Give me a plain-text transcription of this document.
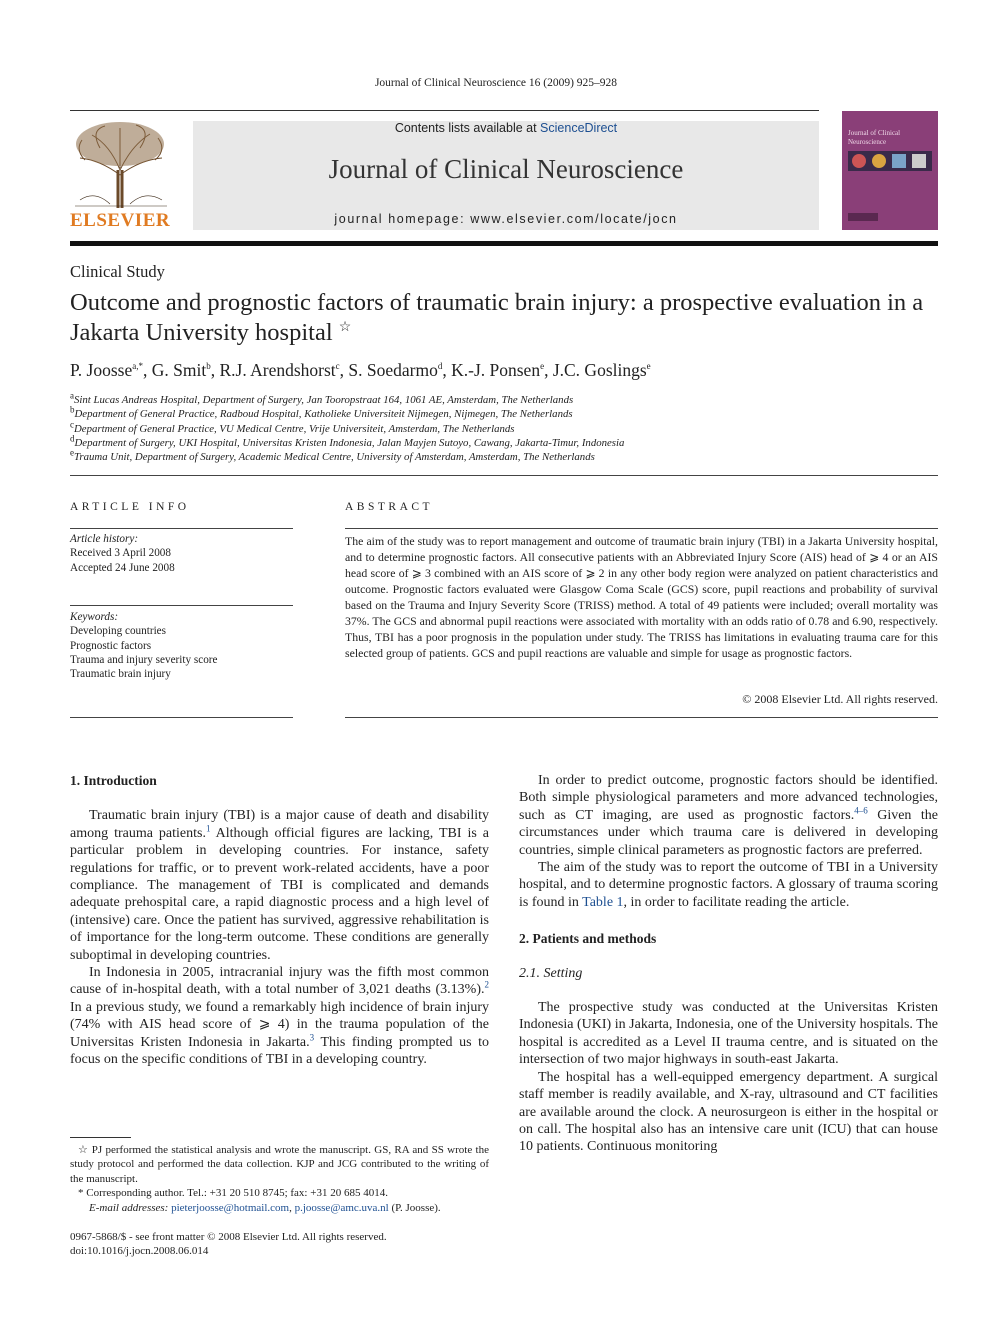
Journal of Clinical Neuroscience 16 (2009) 925–928
ELSEVIER
Contents lists available at ScienceDirect
Journal of Clinical Neuroscience
journal homepage: www.elsevier.com/locate/jocn
Journal of Clinical Neuroscience
Clinical Study
Outcome and prognostic factors of traumatic brain injury: a prospective evaluation in a Jakarta University hospital ☆
P. Joosse$^{a,*}$, G. Smit$^b$, R.J. Arendshorst$^c$, S. Soedarmo$^d$, K.-J. Ponsen$^e$, J.C. Goslings$^e$
$^a$Sint Lucas Andreas Hospital, Department of Surgery, Jan Tooropstraat 164, 1061 AE, Amsterdam, The Netherlands
$^b$Department of General Practice, Radboud Hospital, Katholieke Universiteit Nijmegen, Nijmegen, The Netherlands
$^c$Department of General Practice, VU Medical Centre, Vrije Universiteit, Amsterdam, The Netherlands
$^d$Department of Surgery, UKI Hospital, Universitas Kristen Indonesia, Jalan Mayjen Sutoyo, Cawang, Jakarta-Timur, Indonesia
$^e$Trauma Unit, Department of Surgery, Academic Medical Centre, University of Amsterdam, Amsterdam, The Netherlands
ARTICLE INFO
Article history:
Received 3 April 2008
Accepted 24 June 2008
Keywords:
Developing countries
Prognostic factors
Trauma and injury severity score
Traumatic brain injury
ABSTRACT
The aim of the study was to report management and outcome of traumatic brain injury (TBI) in a Jakarta University hospital, and to determine prognostic factors. All consecutive patients with an Abbreviated Injury Score (AIS) head of ⩾ 4 or an AIS head score of ⩾ 3 combined with an AIS score of ⩾ 2 in any other body region were analyzed on patient characteristics and outcome. Prognostic factors evaluated were Glasgow Coma Scale (GCS) score, pupil reactions and probability of survival based on the Trauma and Injury Severity Score (TRISS) method. A total of 49 patients were included; overall mortality was 37%. The GCS and abnormal pupil reactions were associated with mortality with an odds ratio of 0.78 and 6.90, respectively. Thus, TBI has a poor prognosis in the population under study. The TRISS has limitations in evaluating trauma care for this selected group of patients. GCS and pupil reactions are valuable and simple for usage as prognostic factors.
© 2008 Elsevier Ltd. All rights reserved.

1. Introduction

Traumatic brain injury (TBI) is a major cause of death and disability among trauma patients.$^1$ Although official figures are lacking, TBI is a particular problem in developing countries. For instance, safety regulations for traffic, or to prevent work-related accidents, have a poor compliance. The management of TBI is complicated and demands adequate prehospital care, a rapid diagnostic process and a high level of (intensive) care. Once the patient has survived, aggressive rehabilitation is of importance for the long-term outcome. These conditions are generally suboptimal in developing countries.

In Indonesia in 2005, intracranial injury was the fifth most common cause of in-hospital death, with a total number of 3,021 deaths (3.13%).$^2$ In a previous study, we found a remarkably high incidence of brain injury (74% with AIS head score of ⩾ 4) in the trauma population of the Universitas Kristen Indonesia in Jakarta.$^3$ This finding prompted us to focus on the specific conditions of TBI in a developing country.

In order to predict outcome, prognostic factors should be identified. Both simple physiological parameters and more advanced technologies, such as CT imaging, are used as prognostic factors.$^{4-6}$ Given the circumstances under which trauma care is delivered in developing countries, simple clinical parameters as prognostic factors are preferred.

The aim of the study was to report the outcome of TBI in a University hospital, and to determine prognostic factors. A glossary of trauma scoring is found in Table 1, in order to facilitate reading the article.

2. Patients and methods

2.1. Setting

The prospective study was conducted at the Universitas Kristen Indonesia (UKI) in Jakarta, Indonesia, one of the University hospitals. The hospital is accredited as a Level II trauma centre, and is situated on the intersection of two major highways in south-east Jakarta.

The hospital has a well-equipped emergency department. A surgical staff member is readily available, and X-ray, ultrasound and CT facilities are available around the clock. A neurosurgeon is either in the hospital or on call. The hospital also has an intensive care unit (ICU) that can house 10 patients. Continuous monitoring

☆ PJ performed the statistical analysis and wrote the manuscript. GS, RA and SS wrote the study protocol and performed the data collection. KJP and JCG contributed to the writing of the manuscript.
* Corresponding author. Tel.: +31 20 510 8745; fax: +31 20 685 4014.
E-mail addresses: pieterjoosse@hotmail.com, p.joosse@amc.uva.nl (P. Joosse).
0967-5868/$ - see front matter © 2008 Elsevier Ltd. All rights reserved.
doi:10.1016/j.jocn.2008.06.014
